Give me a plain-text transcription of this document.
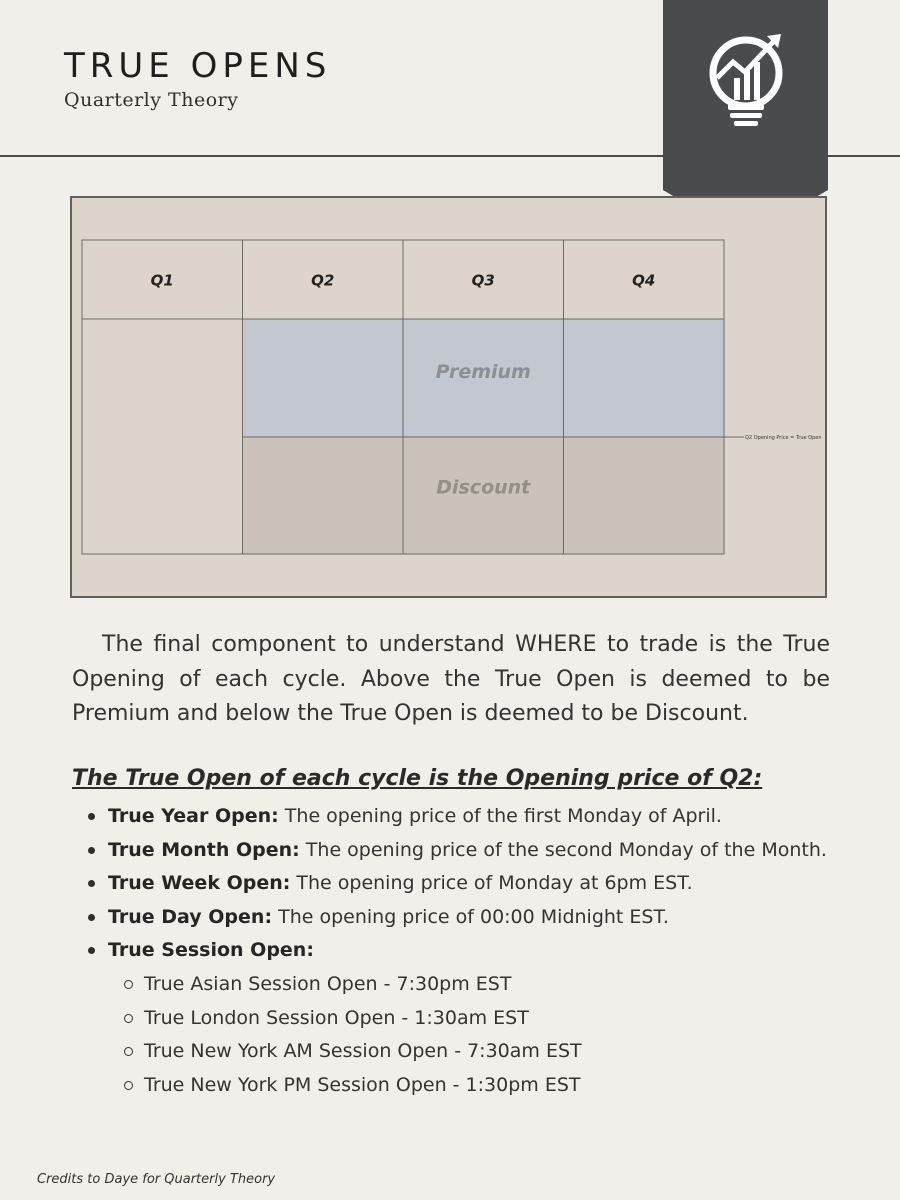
TRUE OPENS
Quarterly Theory
Q1	Q2	Q3	Q4
Premium
Discount
Q2 Opening Price = True Open

The final component to understand WHERE to trade is the True Opening of each cycle. Above the True Open is deemed to be Premium and below the True Open is deemed to be Discount.

The True Open of each cycle is the Opening price of Q2:
True Year Open: The opening price of the first Monday of April.
True Month Open: The opening price of the second Monday of the Month.
True Week Open: The opening price of Monday at 6pm EST.
True Day Open: The opening price of 00:00 Midnight EST.
True Session Open:
True Asian Session Open - 7:30pm EST
True London Session Open - 1:30am EST
True New York AM Session Open - 7:30am EST
True New York PM Session Open - 1:30pm EST
Credits to Daye for Quarterly Theory
